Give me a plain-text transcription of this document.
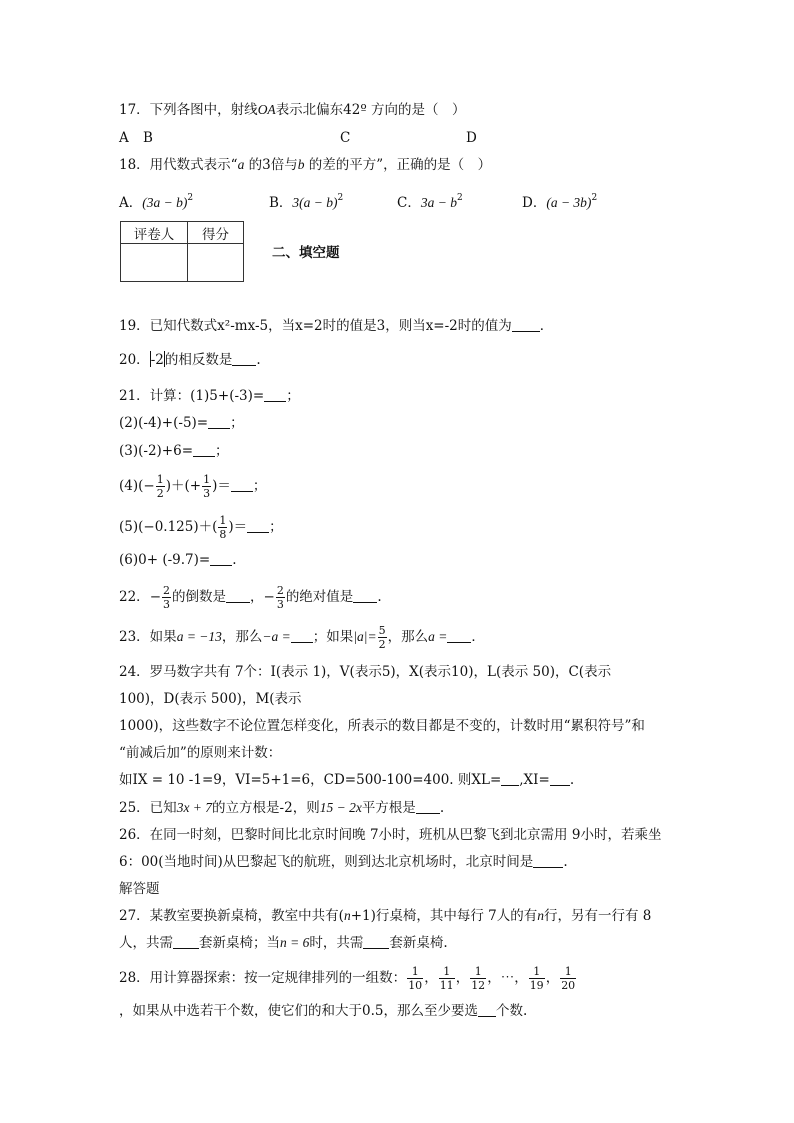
17．下列各图中，射线OA表示北偏东42º 方向的是（　）
A B	C	D
18．用代数式表示“a 的3倍与b 的差的平方”，正确的是（　）
A．$(3a - b)^2$	B．$3(a - b)^2$	C．$3a - b^2$	D．$(a - 3b)^2$
评卷人	得分

二、填空题
19．已知代数式x²-mx-5，当x=2时的值是3，则当x=-2时的值为 ．
20．-2的相反数是 .
21．计算：(1)5+(-3)= ；
(2)(-4)+(-5)= ；
(3)(-2)+6= ；
$(4)(- \frac{1}{2}$ )＋(+ $\frac{1}{3}$ )＝ ；
$(5)(-0.125)+( \frac{1}{8}$ )＝ ；
(6)0+ (-9.7)= .
22．− $\frac{2}{3}$ 的倒数是 ，− $\frac{2}{3}$ 的绝对值是 .
23．如果a = −13，那么−a = ；如果$|a|= \frac{5}{2}$ ，那么a = ．
24．罗马数字共有 7个：I(表示 1)，V(表示5)，X(表示10)，L(表示 50)，C(表示
100)，D(表示 500)，M(表示
1000)，这些数字不论位置怎样变化，所表示的数目都是不变的，计数时用“累积符号”和
“前减后加”的原则来计数：
如IX = 10 -1=9，VI=5+1=6，CD=500-100=400. 则XL= ,XI= .
25．已知3x + 7的立方根是-2，则15 − 2x平方根是 .
26．在同一时刻，巴黎时间比北京时间晚 7小时，班机从巴黎飞到北京需用 9小时，若乘坐
6：00(当地时间)从巴黎起飞的航班，则到达北京机场时，北京时间是 .
解答题
27．某教室要换新桌椅，教室中共有(n+1)行桌椅，其中每行 7人的有n行，另有一行有 8
人，共需 套新桌椅；当n = 6时，共需 套新桌椅.
28．用计算器探索：按一定规律排列的一组数： $\frac{1}{10}$ ， $\frac{1}{11}$ ， $\frac{1}{12}$ ，⋯， $\frac{1}{19}$ ， $\frac{1}{20}$
，如果从中选若干个数，使它们的和大于0.5，那么至少要选 个数.
